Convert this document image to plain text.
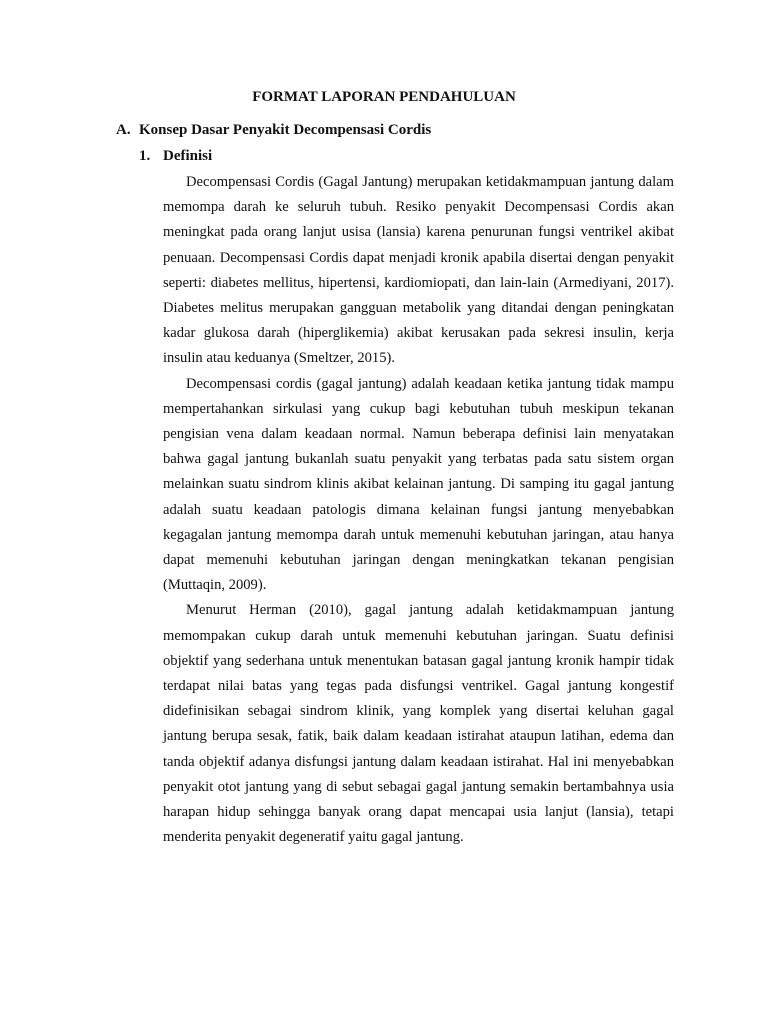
FORMAT LAPORAN PENDAHULUAN
A. Konsep Dasar Penyakit Decompensasi Cordis
1. Definisi

Decompensasi Cordis (Gagal Jantung) merupakan ketidakmampuan jantung dalam memompa darah ke seluruh tubuh. Resiko penyakit Decompensasi Cordis akan meningkat pada orang lanjut usisa (lansia) karena penurunan fungsi ventrikel akibat penuaan. Decompensasi Cordis dapat menjadi kronik apabila disertai dengan penyakit seperti: diabetes mellitus, hipertensi, kardiomiopati, dan lain-lain (Armediyani, 2017). Diabetes melitus merupakan gangguan metabolik yang ditandai dengan peningkatan kadar glukosa darah (hiperglikemia) akibat kerusakan pada sekresi insulin, kerja insulin atau keduanya (Smeltzer, 2015).

Decompensasi cordis (gagal jantung) adalah keadaan ketika jantung tidak mampu mempertahankan sirkulasi yang cukup bagi kebutuhan tubuh meskipun tekanan pengisian vena dalam keadaan normal. Namun beberapa definisi lain menyatakan bahwa gagal jantung bukanlah suatu penyakit yang terbatas pada satu sistem organ melainkan suatu sindrom klinis akibat kelainan jantung. Di samping itu gagal jantung adalah suatu keadaan patologis dimana kelainan fungsi jantung menyebabkan kegagalan jantung memompa darah untuk memenuhi kebutuhan jaringan, atau hanya dapat memenuhi kebutuhan jaringan dengan meningkatkan tekanan pengisian (Muttaqin, 2009).

Menurut Herman (2010), gagal jantung adalah ketidakmampuan jantung memompakan cukup darah untuk memenuhi kebutuhan jaringan. Suatu definisi objektif yang sederhana untuk menentukan batasan gagal jantung kronik hampir tidak terdapat nilai batas yang tegas pada disfungsi ventrikel. Gagal jantung kongestif didefinisikan sebagai sindrom klinik, yang komplek yang disertai keluhan gagal jantung berupa sesak, fatik, baik dalam keadaan istirahat ataupun latihan, edema dan tanda objektif adanya disfungsi jantung dalam keadaan istirahat. Hal ini menyebabkan penyakit otot jantung yang di sebut sebagai gagal jantung semakin bertambahnya usia harapan hidup sehingga banyak orang dapat mencapai usia lanjut (lansia), tetapi menderita penyakit degeneratif yaitu gagal jantung.
